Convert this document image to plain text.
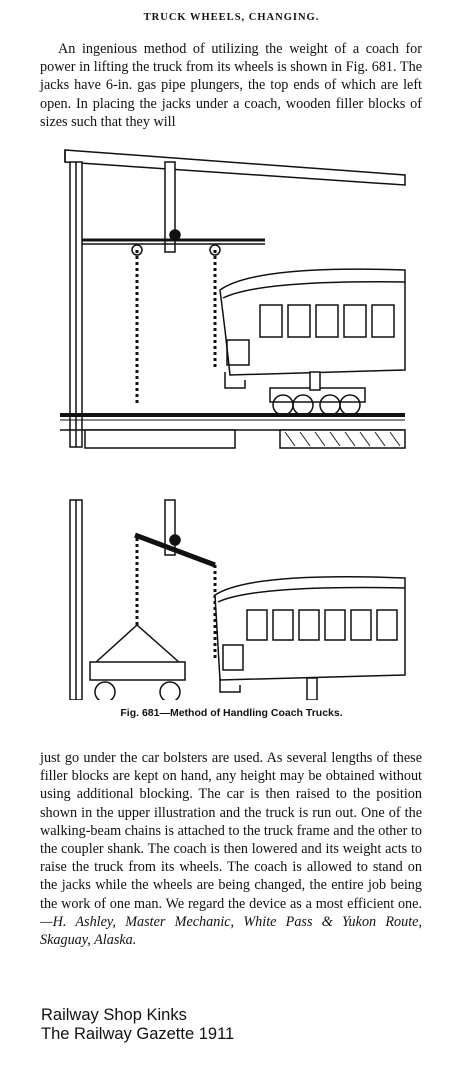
TRUCK WHEELS, CHANGING.
An ingenious method of utilizing the weight of a coach for power in lifting the truck from its wheels is shown in Fig. 681. The jacks have 6-in. gas pipe plungers, the top ends of which are left open. In placing the jacks under a coach, wooden filler blocks of sizes such that they will
Fig. 681—Method of Handling Coach Trucks.
just go under the car bolsters are used. As several lengths of these filler blocks are kept on hand, any height may be obtained without using additional blocking. The car is then raised to the position shown in the upper illustration and the truck is run out. One of the walking-beam chains is attached to the truck frame and the other to the coupler shank. The coach is then lowered and its weight acts to raise the truck from its wheels. The coach is allowed to stand on the jacks while the wheels are being changed, the entire job being the work of one man. We regard the device as a most efficient one.—H. Ashley, Master Mechanic, White Pass & Yukon Route, Skaguay, Alaska.
Railway Shop Kinks
The Railway Gazette 1911
